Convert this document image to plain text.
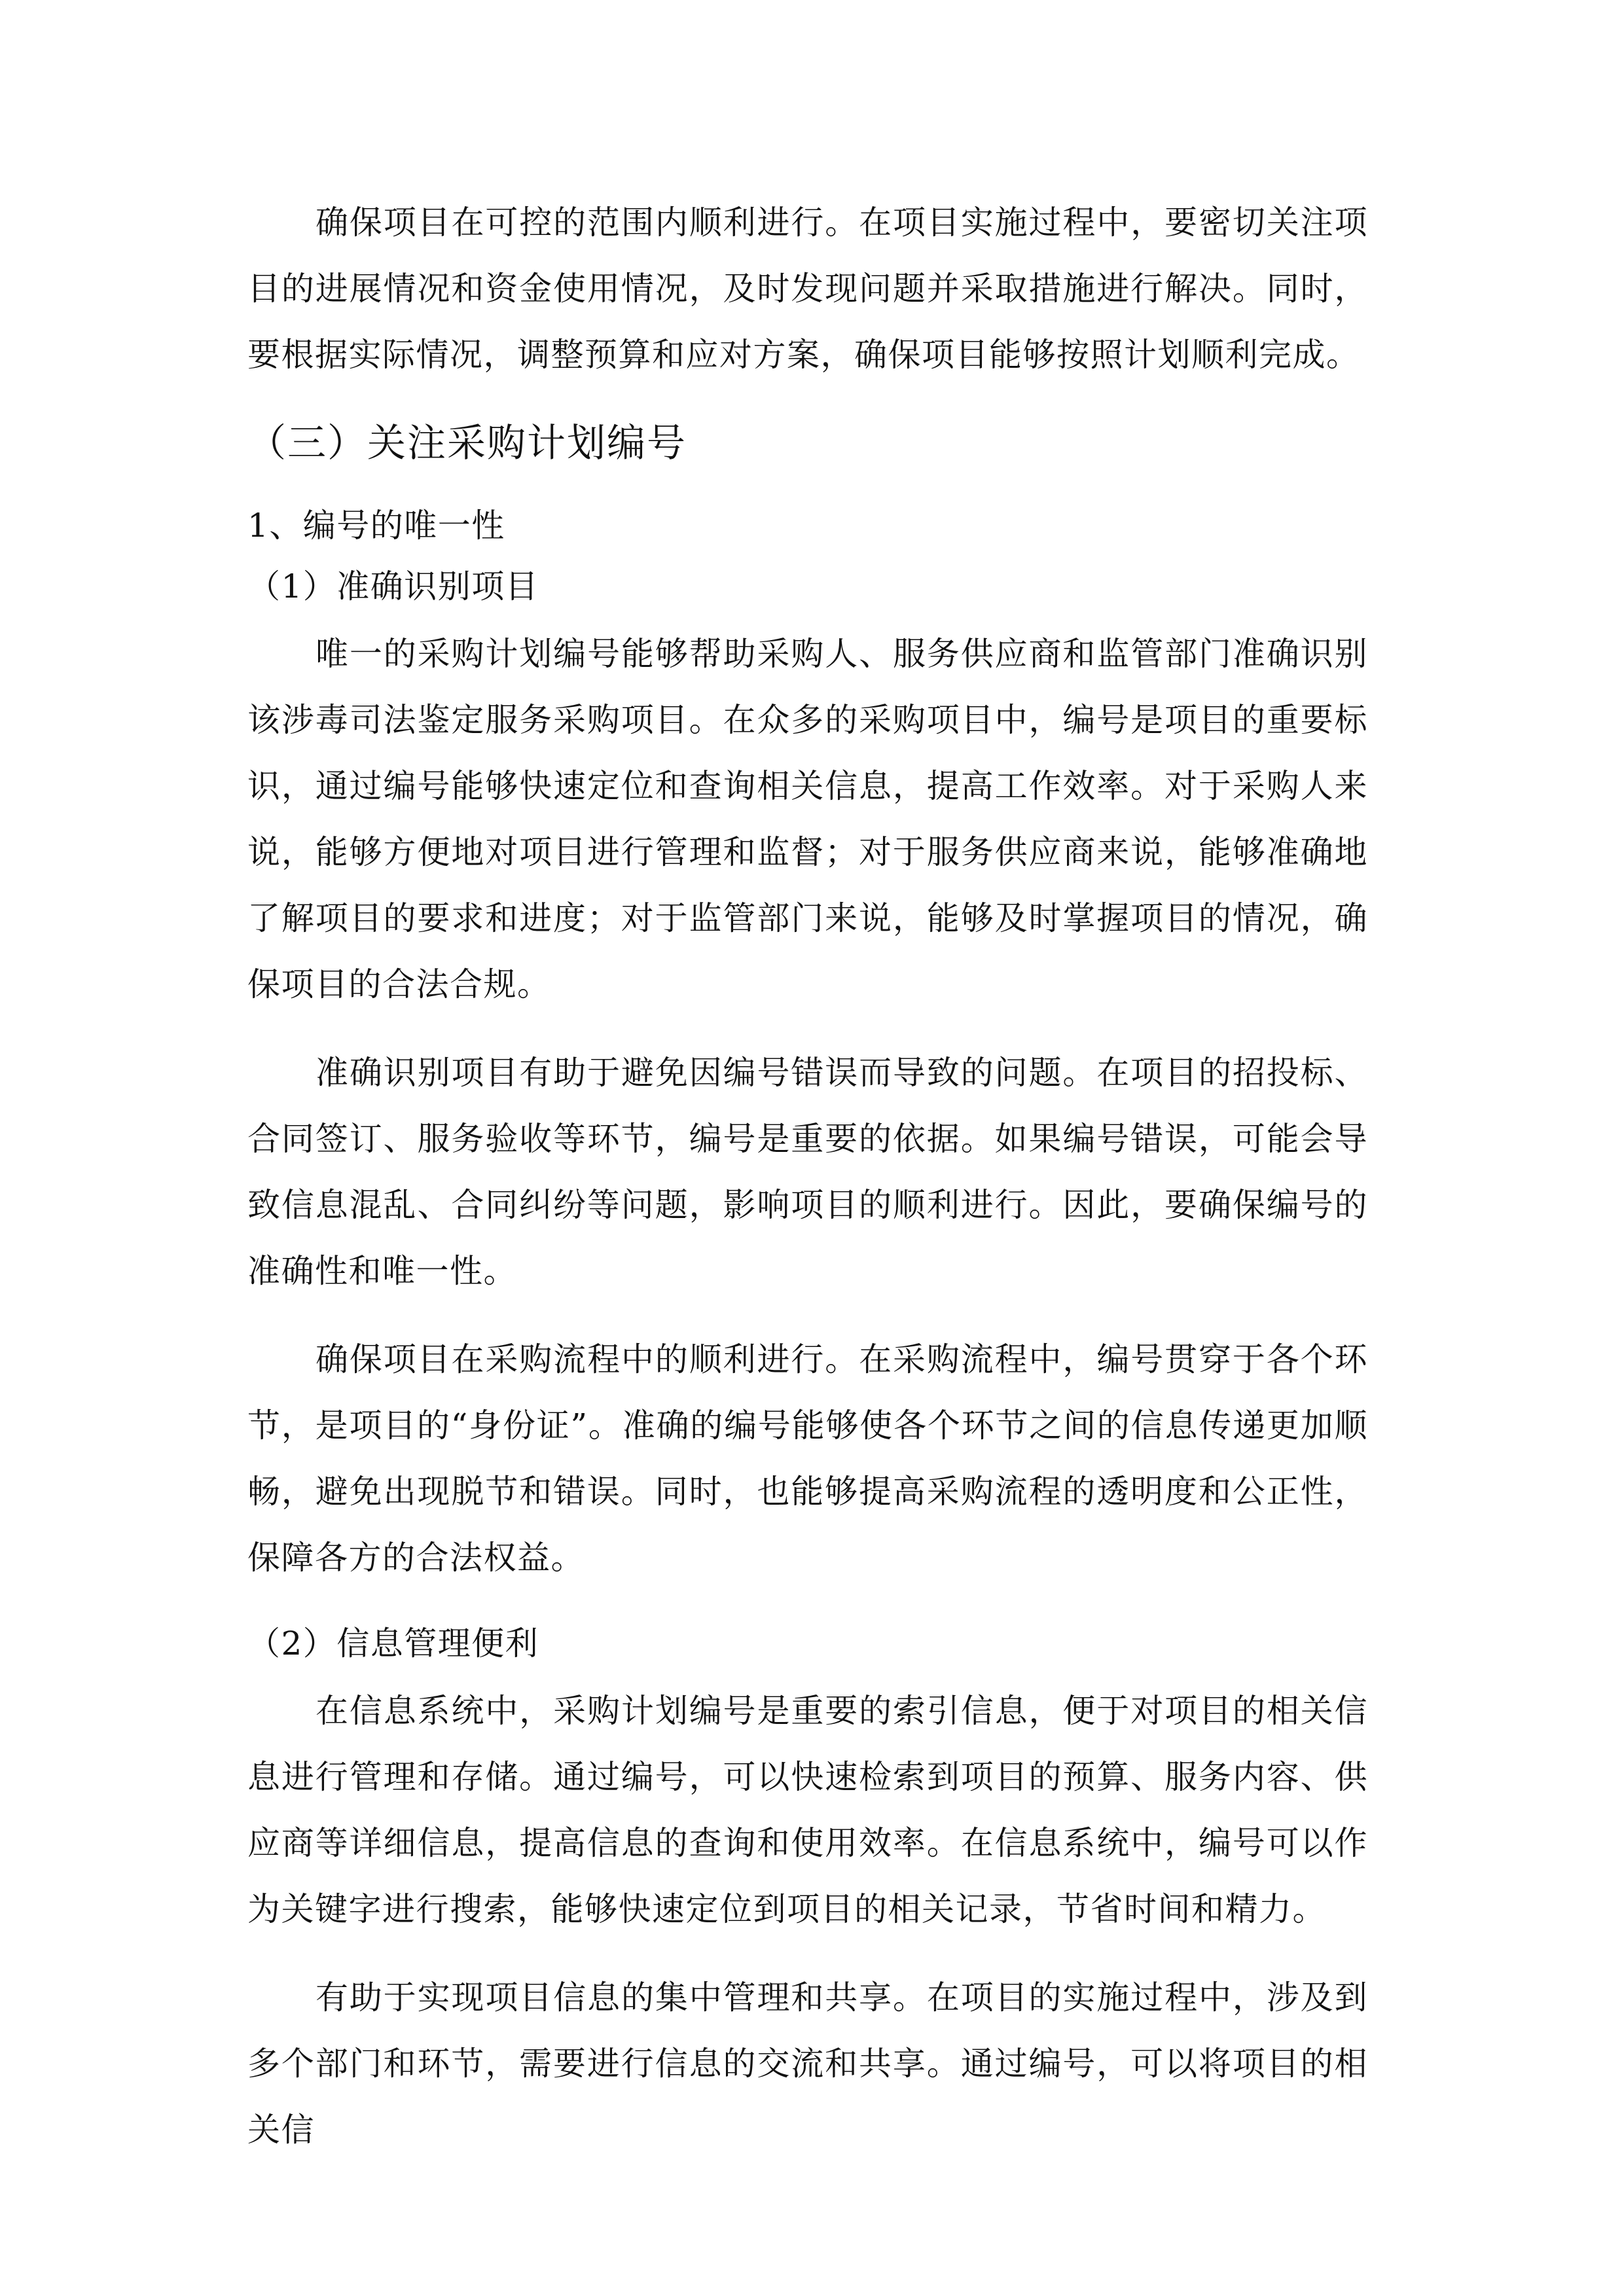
确保项目在可控的范围内顺利进行。在项目实施过程中，要密切关注项目的进展情况和资金使用情况，及时发现问题并采取措施进行解决。同时，要根据实际情况，调整预算和应对方案，确保项目能够按照计划顺利完成。

（三）关注采购计划编号

1、编号的唯一性

（1）准确识别项目

唯一的采购计划编号能够帮助采购人、服务供应商和监管部门准确识别该涉毒司法鉴定服务采购项目。在众多的采购项目中，编号是项目的重要标识，通过编号能够快速定位和查询相关信息，提高工作效率。对于采购人来说，能够方便地对项目进行管理和监督；对于服务供应商来说，能够准确地了解项目的要求和进度；对于监管部门来说，能够及时掌握项目的情况，确保项目的合法合规。

准确识别项目有助于避免因编号错误而导致的问题。在项目的招投标、合同签订、服务验收等环节，编号是重要的依据。如果编号错误，可能会导致信息混乱、合同纠纷等问题，影响项目的顺利进行。因此，要确保编号的准确性和唯一性。

确保项目在采购流程中的顺利进行。在采购流程中，编号贯穿于各个环节，是项目的“身份证”。准确的编号能够使各个环节之间的信息传递更加顺畅，避免出现脱节和错误。同时，也能够提高采购流程的透明度和公正性，保障各方的合法权益。

（2）信息管理便利

在信息系统中，采购计划编号是重要的索引信息，便于对项目的相关信息进行管理和存储。通过编号，可以快速检索到项目的预算、服务内容、供应商等详细信息，提高信息的查询和使用效率。在信息系统中，编号可以作为关键字进行搜索，能够快速定位到项目的相关记录，节省时间和精力。

有助于实现项目信息的集中管理和共享。在项目的实施过程中，涉及到多个部门和环节，需要进行信息的交流和共享。通过编号，可以将项目的相关信
